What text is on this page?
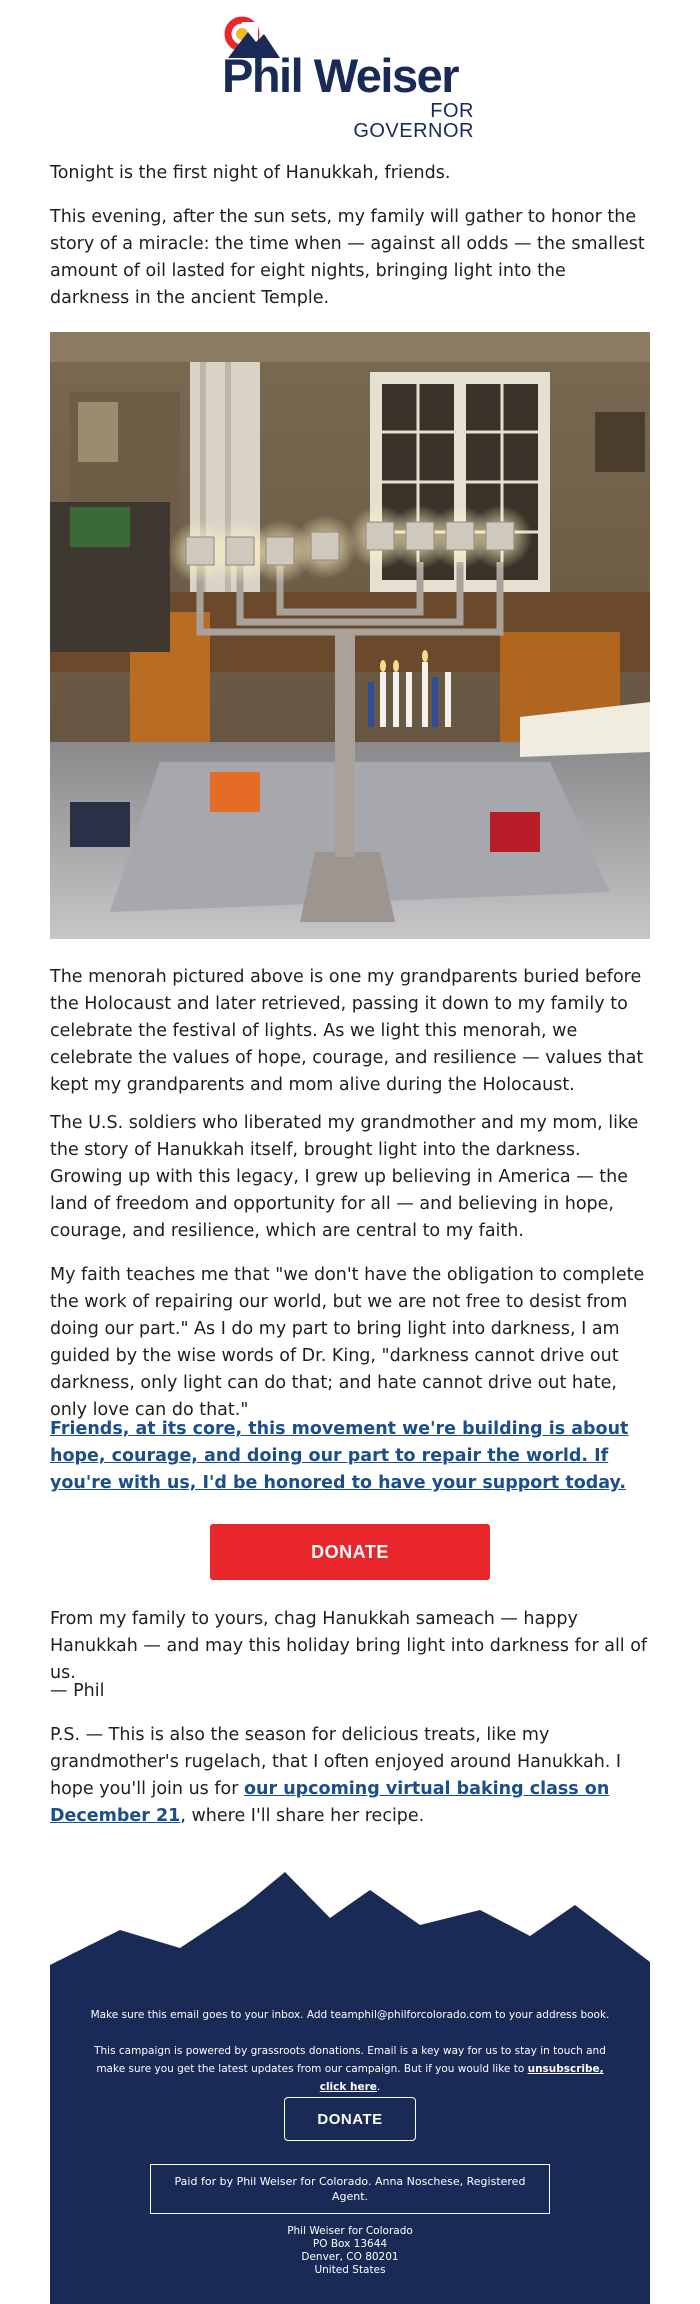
Phil Weiser
FOR GOVERNOR

Tonight is the first night of Hanukkah, friends.

This evening, after the sun sets, my family will gather to honor the story of a miracle: the time when — against all odds — the smallest amount of oil lasted for eight nights, bringing light into the darkness in the ancient Temple.

The menorah pictured above is one my grandparents buried before the Holocaust and later retrieved, passing it down to my family to celebrate the festival of lights. As we light this menorah, we celebrate the values of hope, courage, and resilience — values that kept my grandparents and mom alive during the Holocaust.

The U.S. soldiers who liberated my grandmother and my mom, like the story of Hanukkah itself, brought light into the darkness. Growing up with this legacy, I grew up believing in America — the land of freedom and opportunity for all — and believing in hope, courage, and resilience, which are central to my faith.

My faith teaches me that "we don't have the obligation to complete the work of repairing our world, but we are not free to desist from doing our part." As I do my part to bring light into darkness, I am guided by the wise words of Dr. King, "darkness cannot drive out darkness, only light can do that; and hate cannot drive out hate, only love can do that."

Friends, at its core, this movement we're building is about hope, courage, and doing our part to repair the world. If you're with us, I'd be honored to have your support today.

DONATE

From my family to yours, chag Hanukkah sameach — happy Hanukkah — and may this holiday bring light into darkness for all of us.

— Phil

P.S. — This is also the season for delicious treats, like my grandmother's rugelach, that I often enjoyed around Hanukkah. I hope you'll join us for our upcoming virtual baking class on December 21, where I'll share her recipe.

Make sure this email goes to your inbox. Add teamphil@philforcolorado.com to your address book.
This campaign is powered by grassroots donations. Email is a key way for us to stay in touch and make sure you get the latest updates from our campaign. But if you would like to unsubscribe, click here.
DONATE
Paid for by Phil Weiser for Colorado. Anna Noschese, Registered Agent.
Phil Weiser for Colorado
PO Box 13644
Denver, CO 80201
United States
